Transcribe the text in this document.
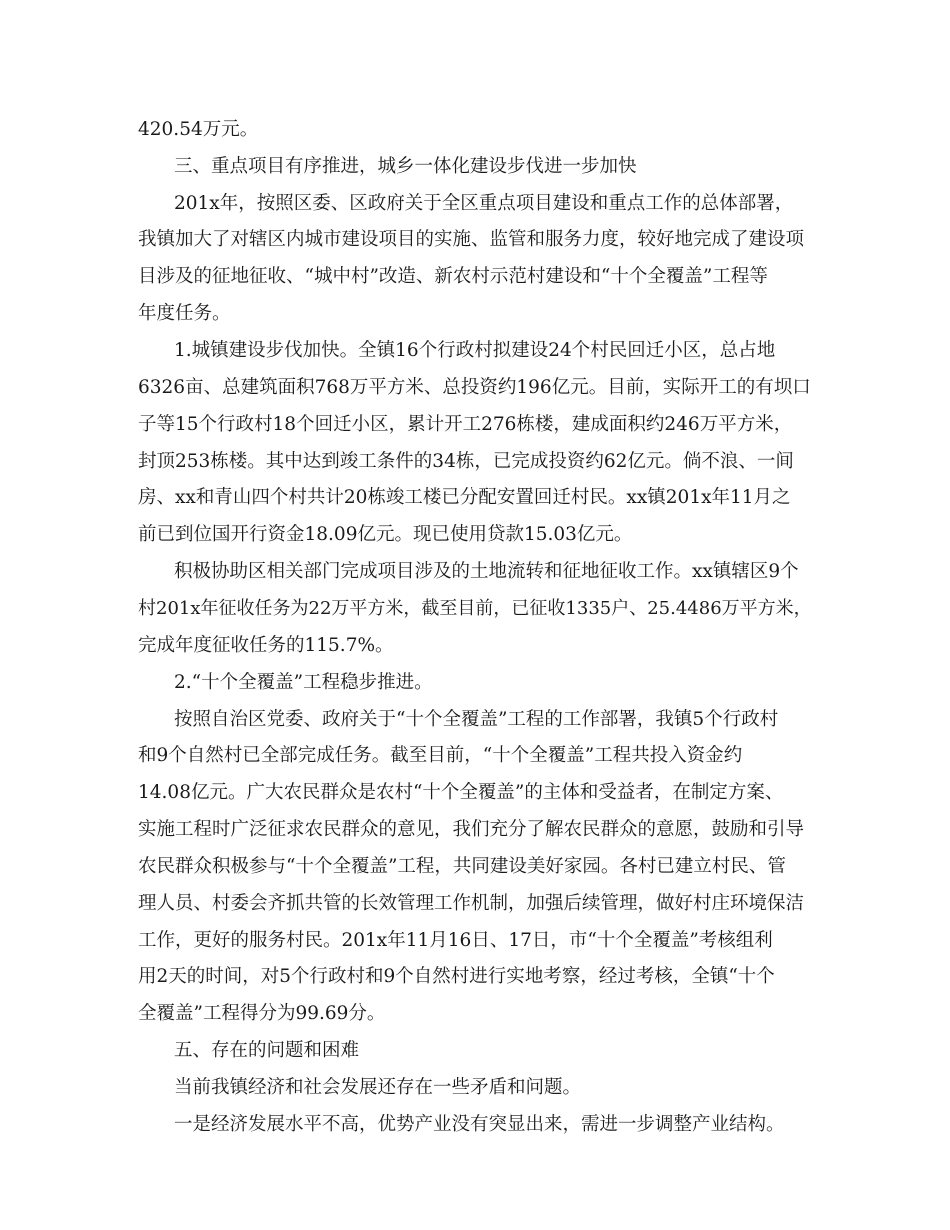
420.54万元。
三、重点项目有序推进，城乡一体化建设步伐进一步加快
201x年，按照区委、区政府关于全区重点项目建设和重点工作的总体部署，
我镇加大了对辖区内城市建设项目的实施、监管和服务力度，较好地完成了建设项
目涉及的征地征收、“城中村”改造、新农村示范村建设和“十个全覆盖”工程等
年度任务。
1.城镇建设步伐加快。全镇16个行政村拟建设24个村民回迁小区，总占地
6326亩、总建筑面积768万平方米、总投资约196亿元。目前，实际开工的有坝口
子等15个行政村18个回迁小区，累计开工276栋楼，建成面积约246万平方米，
封顶253栋楼。其中达到竣工条件的34栋，已完成投资约62亿元。倘不浪、一间
房、xx和青山四个村共计20栋竣工楼已分配安置回迁村民。xx镇201x年11月之
前已到位国开行资金18.09亿元。现已使用贷款15.03亿元。
积极协助区相关部门完成项目涉及的土地流转和征地征收工作。xx镇辖区9个
村201x年征收任务为22万平方米，截至目前，已征收1335户、25.4486万平方米，
完成年度征收任务的115.7%。
2.“十个全覆盖”工程稳步推进。
按照自治区党委、政府关于“十个全覆盖”工程的工作部署，我镇5个行政村
和9个自然村已全部完成任务。截至目前，“十个全覆盖”工程共投入资金约
14.08亿元。广大农民群众是农村“十个全覆盖”的主体和受益者，在制定方案、
实施工程时广泛征求农民群众的意见，我们充分了解农民群众的意愿，鼓励和引导
农民群众积极参与“十个全覆盖”工程，共同建设美好家园。各村已建立村民、管
理人员、村委会齐抓共管的长效管理工作机制，加强后续管理，做好村庄环境保洁
工作，更好的服务村民。201x年11月16日、17日，市“十个全覆盖”考核组利
用2天的时间，对5个行政村和9个自然村进行实地考察，经过考核，全镇“十个
全覆盖”工程得分为99.69分。
五、存在的问题和困难
当前我镇经济和社会发展还存在一些矛盾和问题。
一是经济发展水平不高，优势产业没有突显出来，需进一步调整产业结构。
